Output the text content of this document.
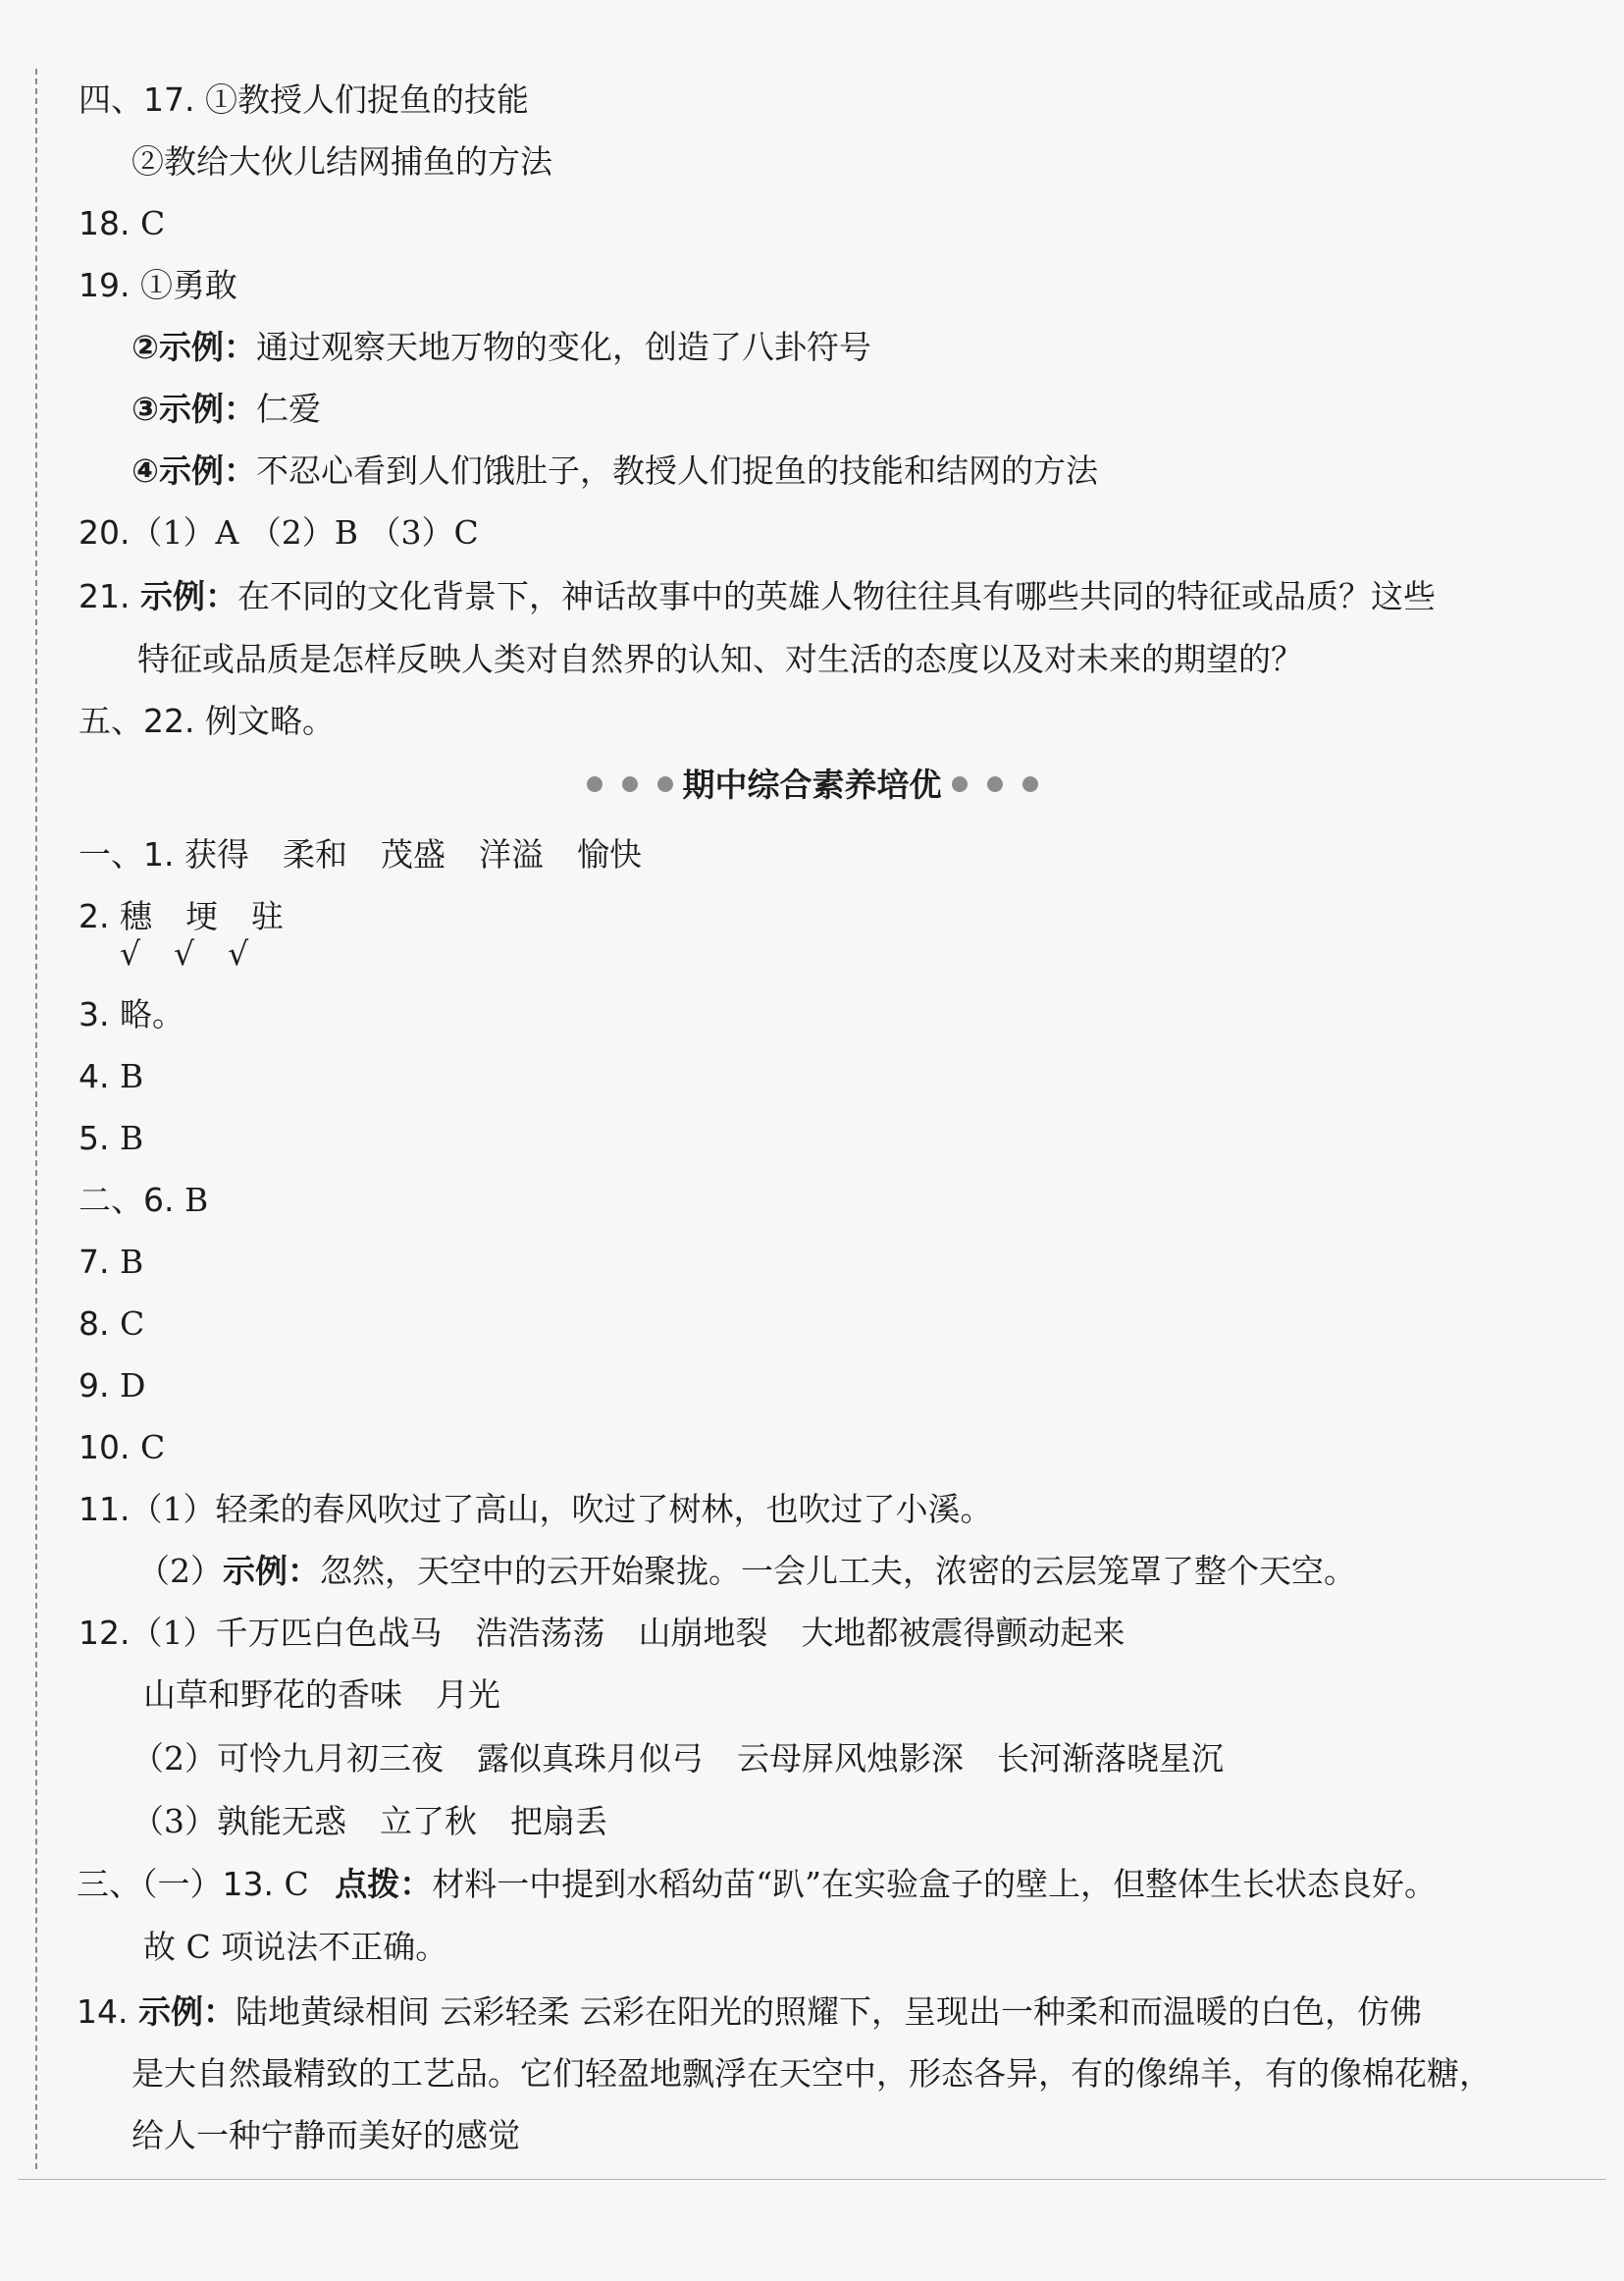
四、17. ①教授人们捉鱼的技能
②教给大伙儿结网捕鱼的方法
18. C
19. ①勇敢
②示例：通过观察天地万物的变化，创造了八卦符号
③示例：仁爱
④示例：不忍心看到人们饿肚子，教授人们捉鱼的技能和结网的方法
20.（1）A （2）B （3）C
21. 示例：在不同的文化背景下，神话故事中的英雄人物往往具有哪些共同的特征或品质？这些
特征或品质是怎样反映人类对自然界的认知、对生活的态度以及对未来的期望的？
五、22. 例文略。
期中综合素养培优
一、1. 获得 柔和 茂盛 洋溢 愉快
2. 穗 埂 驻
√ √ √
3. 略。
4. B
5. B
二、6. B
7. B
8. C
9. D
10. C
11.（1）轻柔的春风吹过了高山，吹过了树林，也吹过了小溪。
（2）示例：忽然，天空中的云开始聚拢。一会儿工夫，浓密的云层笼罩了整个天空。
12.（1）千万匹白色战马 浩浩荡荡 山崩地裂 大地都被震得颤动起来
山草和野花的香味 月光
（2）可怜九月初三夜 露似真珠月似弓 云母屏风烛影深 长河渐落晓星沉
（3）孰能无惑 立了秋 把扇丢
三、（一）13. C 点拨：材料一中提到水稻幼苗“趴”在实验盒子的壁上，但整体生长状态良好。
故 C 项说法不正确。
14. 示例：陆地黄绿相间 云彩轻柔 云彩在阳光的照耀下，呈现出一种柔和而温暖的白色，仿佛
是大自然最精致的工艺品。它们轻盈地飘浮在天空中，形态各异，有的像绵羊，有的像棉花糖，
给人一种宁静而美好的感觉
